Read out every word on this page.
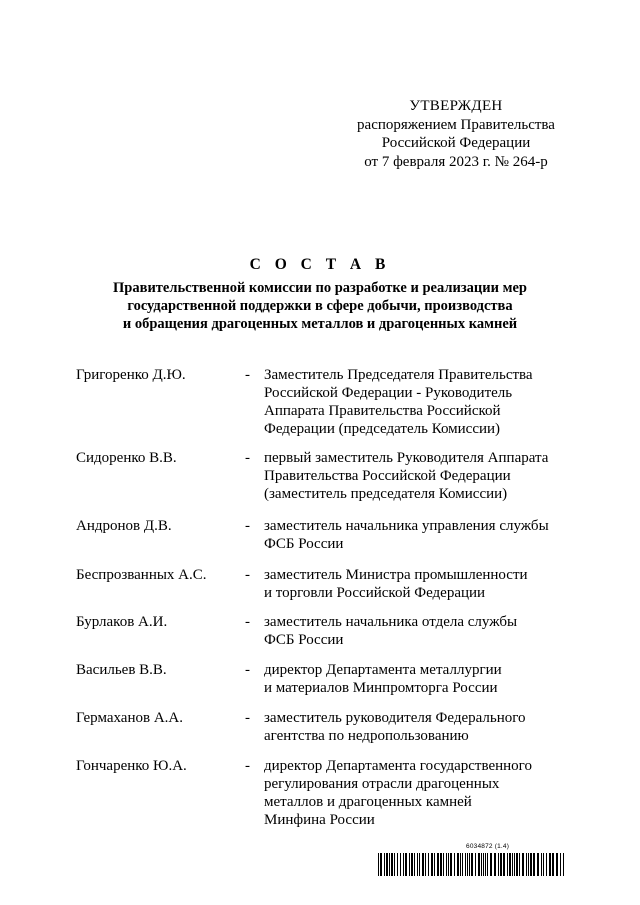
УТВЕРЖДЕН
распоряжением Правительства
Российской Федерации
от 7 февраля 2023 г. № 264-р
С О С Т А В
Правительственной комиссии по разработке и реализации мер
государственной поддержки в сфере добычи, производства
и обращения драгоценных металлов и драгоценных камней
Григоренко Д.Ю.	- Заместитель Председателя Правительства
Российской Федерации - Руководитель
Аппарата Правительства Российской
Федерации (председатель Комиссии)
Сидоренко В.В.	- первый заместитель Руководителя Аппарата
Правительства Российской Федерации
(заместитель председателя Комиссии)
Андронов Д.В.	- заместитель начальника управления службы
ФСБ России
Беспрозванных А.С.	- заместитель Министра промышленности
и торговли Российской Федерации
Бурлаков А.И.	- заместитель начальника отдела службы
ФСБ России
Васильев В.В.	- директор Департамента металлургии
и материалов Минпромторга России
Гермаханов А.А.	- заместитель руководителя Федерального
агентства по недропользованию
Гончаренко Ю.А.	- директор Департамента государственного
регулирования отрасли драгоценных
металлов и драгоценных камней
Минфина России
6034872 (1.4)
